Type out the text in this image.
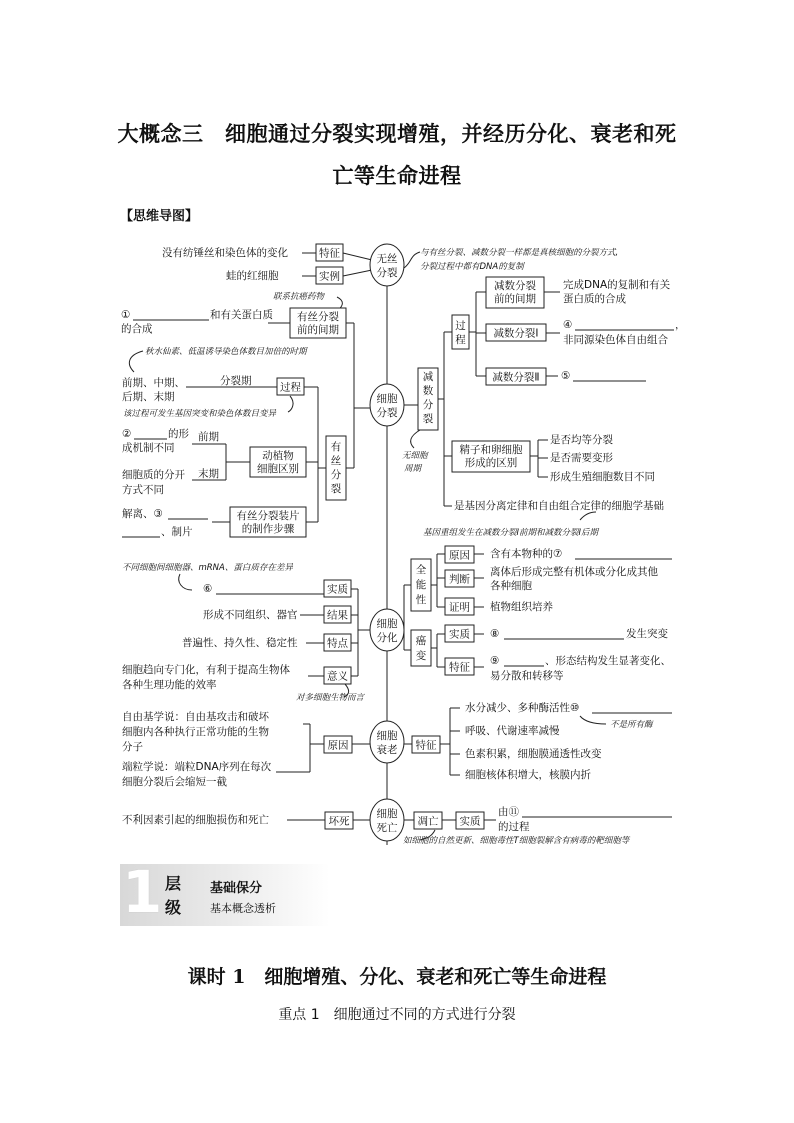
大概念三　细胞通过分裂实现增殖，并经历分化、衰老和死
亡等生命进程
【思维导图】
特征
实例
没有纺锤丝和染色体的变化
蛙的红细胞
无丝
分裂
与有丝分裂、减数分裂一样都是真核细胞的分裂方式,
分裂过程中都有DNA的复制
联系抗癌药物
有丝分裂
前的间期
①	和有关蛋白质
的合成
秋水仙素、低温诱导染色体数目加倍的时期
前期、中期、
后期、末期
分裂期
过程
该过程可发生基因突变和染色体数目变异
②	的形
成机制不同
前期
细胞质的分开
方式不同
末期
动植物
细胞区别
有
丝
分
裂
解离、③
、制片
有丝分裂装片
的制作步骤
细胞
分裂
减
数
分
裂
过
程
减数分裂
前的间期
完成DNA的复制和有关
蛋白质的合成
减数分裂Ⅰ
④	，
非同源染色体自由组合
减数分裂Ⅱ ⑤
无细胞
周期
精子和卵细胞
形成的区别
是否均等分裂
是否需要变形
形成生殖细胞数目不同
是基因分离定律和自由组合定律的细胞学基础
基因重组发生在减数分裂Ⅰ前期和减数分裂Ⅰ后期
细胞
分化
实质
结果
特点
意义
不同细胞间细胞器、mRNA、蛋白质存在差异
⑥
形成不同组织、器官
普遍性、持久性、稳定性
细胞趋向专门化，有利于提高生物体
各种生理功能的效率
对多细胞生物而言
全
能
性
原因
判断
证明
含有本物种的⑦
离体后形成完整有机体或分化成其他
各种细胞
植物组织培养
癌
变
实质
特征
⑧	发生突变
⑨	、形态结构发生显著变化、
易分散和转移等
细胞
衰老
原因
自由基学说：自由基攻击和破坏
细胞内各种执行正常功能的生物
分子
端粒学说：端粒DNA序列在每次
细胞分裂后会缩短一截
特征
水分减少、多种酶活性⑩
呼吸、代谢速率减慢
色素积累，细胞膜通透性改变
细胞核体积增大，核膜内折
不是所有酶
细胞
死亡
坏死
不利因素引起的细胞损伤和死亡	凋亡 实质
由⑪
的过程
如细胞的自然更新、细胞毒性T细胞裂解含有病毒的靶细胞等
1 层
级
基础保分
基本概念透析
课时 1　细胞增殖、分化、衰老和死亡等生命进程
重点 1　细胞通过不同的方式进行分裂
